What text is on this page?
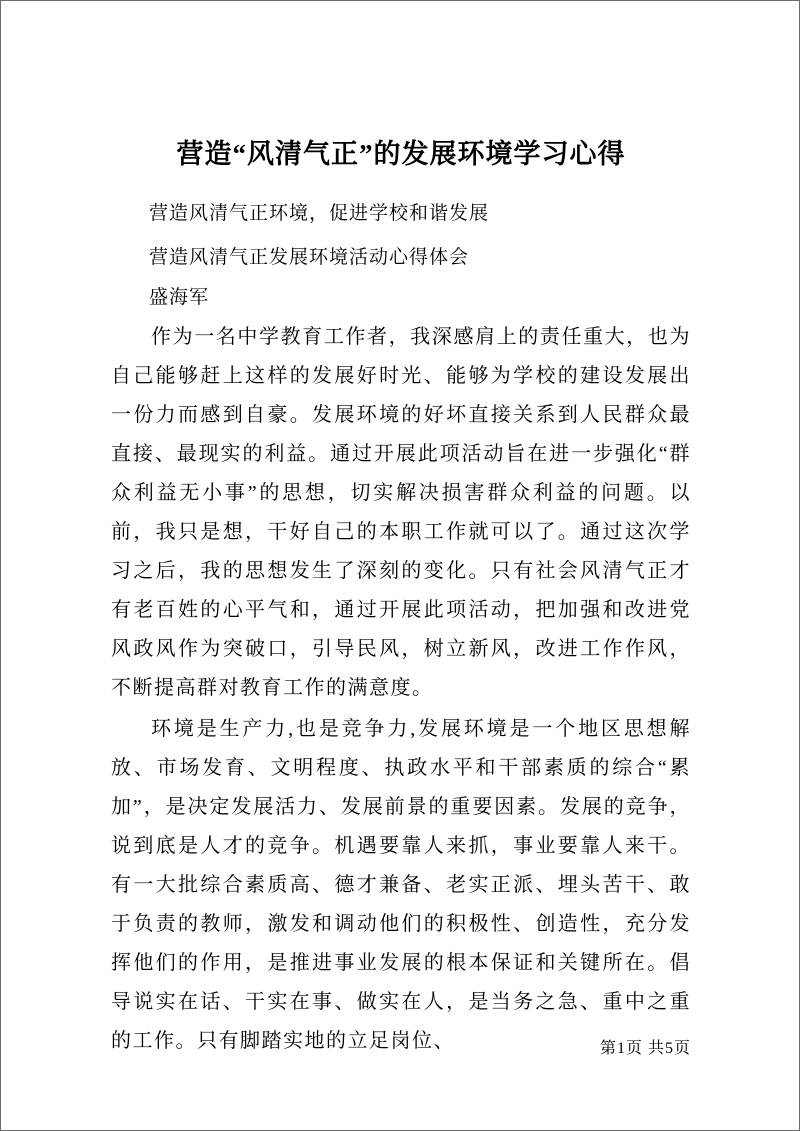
营造“风清气正”的发展环境学习心得

营造风清气正环境，促进学校和谐发展

营造风清气正发展环境活动心得体会

盛海军

作为一名中学教育工作者，我深感肩上的责任重大，也为自己能够赶上这样的发展好时光、能够为学校的建设发展出一份力而感到自豪。发展环境的好坏直接关系到人民群众最直接、最现实的利益。通过开展此项活动旨在进一步强化“群众利益无小事”的思想，切实解决损害群众利益的问题。以前，我只是想，干好自己的本职工作就可以了。通过这次学习之后，我的思想发生了深刻的变化。只有社会风清气正才有老百姓的心平气和，通过开展此项活动，把加强和改进党风政风作为突破口，引导民风，树立新风，改进工作作风，不断提高群对教育工作的满意度。

环境是生产力,也是竞争力,发展环境是一个地区思想解放、市场发育、文明程度、执政水平和干部素质的综合“累加”，是决定发展活力、发展前景的重要因素。发展的竞争，说到底是人才的竞争。机遇要靠人来抓，事业要靠人来干。有一大批综合素质高、德才兼备、老实正派、埋头苦干、敢于负责的教师，激发和调动他们的积极性、创造性，充分发挥他们的作用，是推进事业发展的根本保证和关键所在。倡导说实在话、干实在事、做实在人，是当务之急、重中之重的工作。只有脚踏实地的立足岗位、	第1页 共5页
